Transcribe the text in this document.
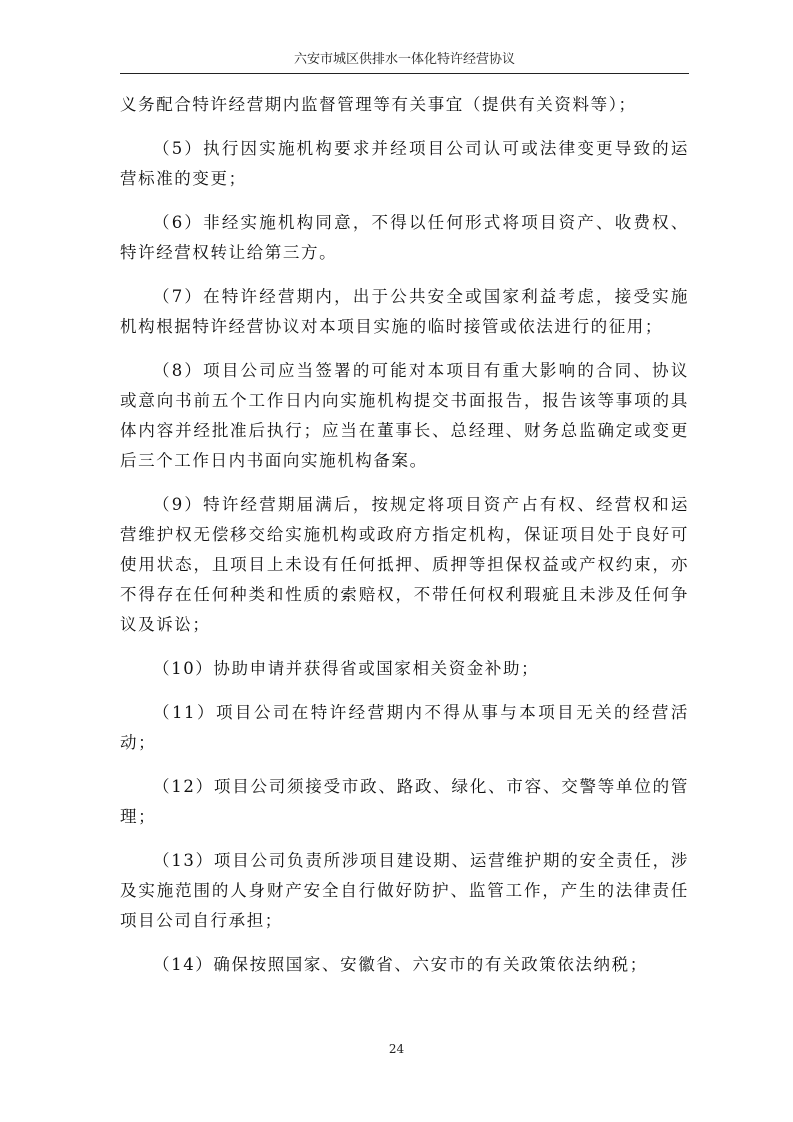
六安市城区供排水一体化特许经营协议

义务配合特许经营期内监督管理等有关事宜（提供有关资料等）；

（5）执行因实施机构要求并经项目公司认可或法律变更导致的运营标准的变更；

（6）非经实施机构同意，不得以任何形式将项目资产、收费权、特许经营权转让给第三方。

（7）在特许经营期内，出于公共安全或国家利益考虑，接受实施机构根据特许经营协议对本项目实施的临时接管或依法进行的征用；

（8）项目公司应当签署的可能对本项目有重大影响的合同、协议或意向书前五个工作日内向实施机构提交书面报告，报告该等事项的具体内容并经批准后执行；应当在董事长、总经理、财务总监确定或变更后三个工作日内书面向实施机构备案。

（9）特许经营期届满后，按规定将项目资产占有权、经营权和运营维护权无偿移交给实施机构或政府方指定机构，保证项目处于良好可使用状态，且项目上未设有任何抵押、质押等担保权益或产权约束，亦不得存在任何种类和性质的索赔权，不带任何权利瑕疵且未涉及任何争议及诉讼；

（10）协助申请并获得省或国家相关资金补助；

（11）项目公司在特许经营期内不得从事与本项目无关的经营活动；

（12）项目公司须接受市政、路政、绿化、市容、交警等单位的管理；

（13）项目公司负责所涉项目建设期、运营维护期的安全责任，涉及实施范围的人身财产安全自行做好防护、监管工作，产生的法律责任项目公司自行承担；

（14）确保按照国家、安徽省、六安市的有关政策依法纳税；

24
